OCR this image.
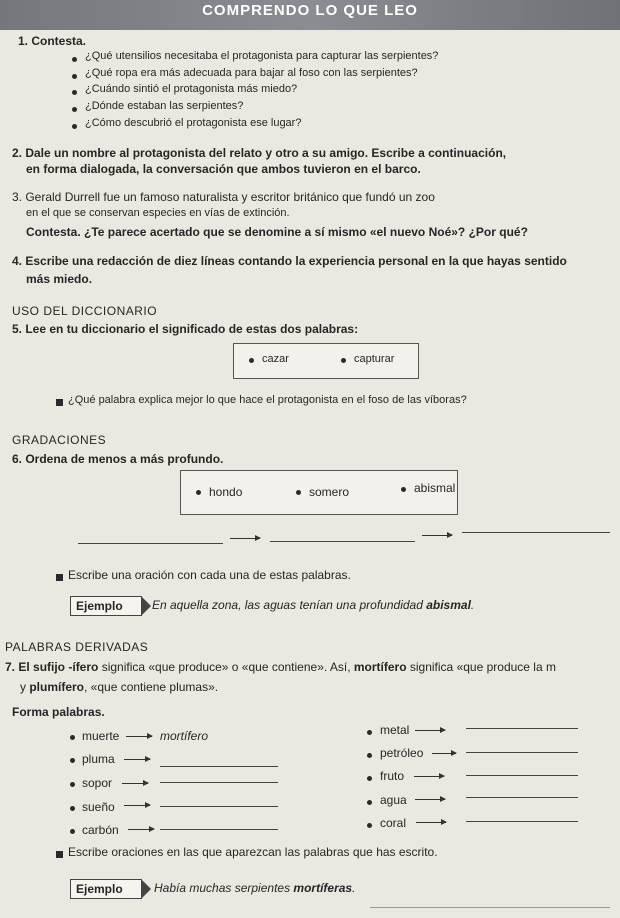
COMPRENDO LO QUE LEO
1. Contesta.
¿Qué utensilios necesitaba el protagonista para capturar las serpientes?
¿Qué ropa era más adecuada para bajar al foso con las serpientes?
¿Cuándo sintió el protagonista más miedo?
¿Dónde estaban las serpientes?
¿Cómo descubrió el protagonista ese lugar?
2. Dale un nombre al protagonista del relato y otro a su amigo. Escribe a continuación,
en forma dialogada, la conversación que ambos tuvieron en el barco.
3. Gerald Durrell fue un famoso naturalista y escritor británico que fundó un zoo
en el que se conservan especies en vías de extinción.
Contesta. ¿Te parece acertado que se denomine a sí mismo «el nuevo Noé»? ¿Por qué?
4. Escribe una redacción de diez líneas contando la experiencia personal en la que hayas sentido
más miedo.
USO DEL DICCIONARIO
5. Lee en tu diccionario el significado de estas dos palabras:
cazar	capturar
¿Qué palabra explica mejor lo que hace el protagonista en el foso de las víboras?
GRADACIONES
6. Ordena de menos a más profundo.
hondo	somero	abismal
Escribe una oración con cada una de estas palabras.
Ejemplo	En aquella zona, las aguas tenían una profundidad abismal.
PALABRAS DERIVADAS
7. El sufijo -ífero significa «que produce» o «que contiene». Así, mortífero significa «que produce la m
y plumífero, «que contiene plumas».
Forma palabras.
muerte	mortífero
pluma
sopor
sueño
carbón
metal
petróleo
fruto
agua
coral
Escribe oraciones en las que aparezcan las palabras que has escrito.
Ejemplo	Había muchas serpientes mortíferas.
